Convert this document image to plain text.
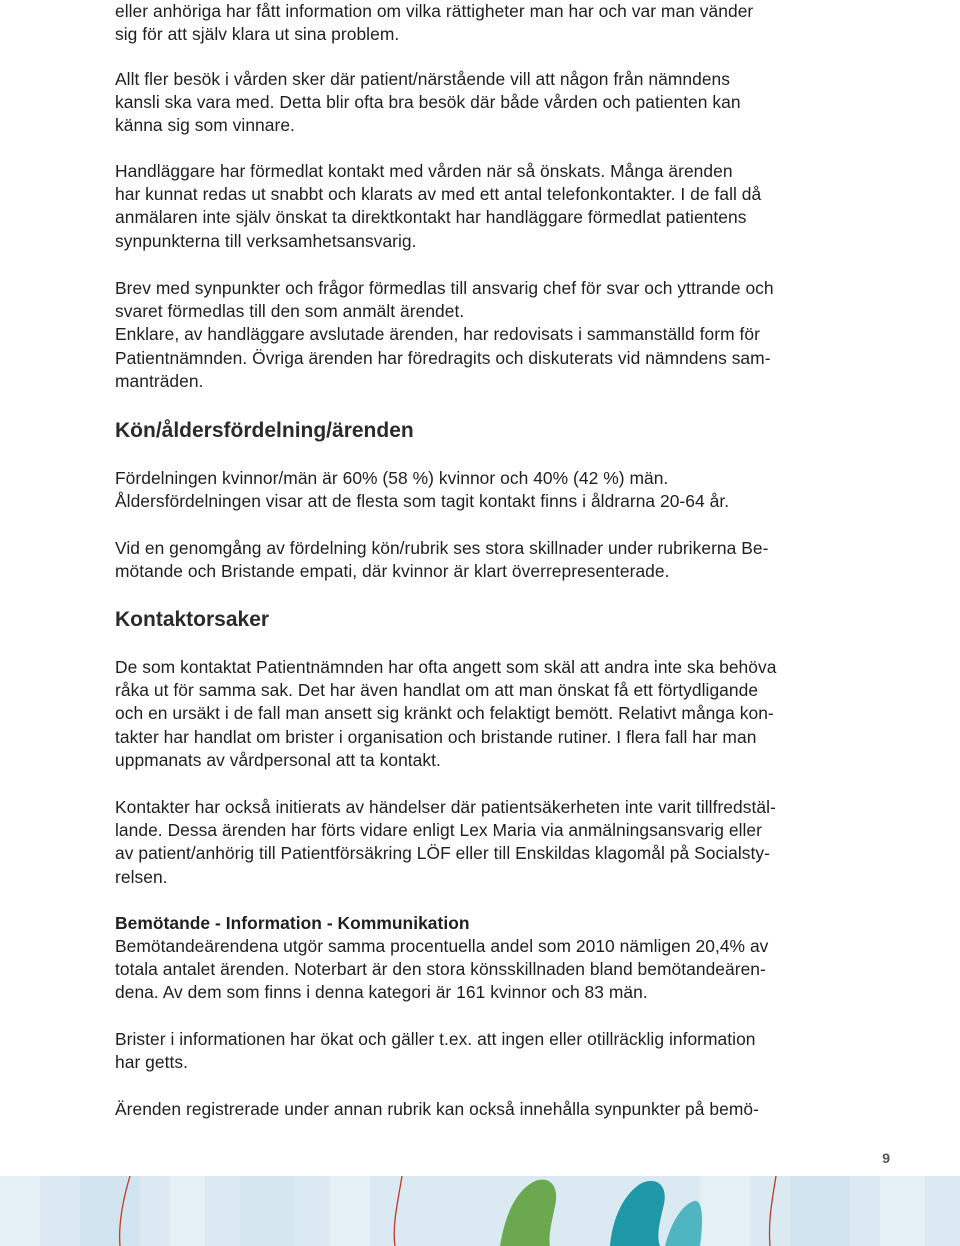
eller anhöriga har fått information om vilka rättigheter man har och var man vänder
sig för att själv klara ut sina problem.

Allt fler besök i vården sker där patient/närstående vill att någon från nämndens
kansli ska vara med. Detta blir ofta bra besök där både vården och patienten kan
känna sig som vinnare.

Handläggare har förmedlat kontakt med vården när så önskats. Många ärenden
har kunnat redas ut snabbt och klarats av med ett antal telefonkontakter. I de fall då
anmälaren inte själv önskat ta direktkontakt har handläggare förmedlat patientens
synpunkterna till verksamhetsansvarig.

Brev med synpunkter och frågor förmedlas till ansvarig chef för svar och yttrande och
svaret förmedlas till den som anmält ärendet.
Enklare, av handläggare avslutade ärenden, har redovisats i sammanställd form för
Patientnämnden. Övriga ärenden har föredragits och diskuterats vid nämndens sam-
manträden.

Kön/åldersfördelning/ärenden

Fördelningen kvinnor/män är 60% (58 %) kvinnor och 40% (42 %) män.
Åldersfördelningen visar att de flesta som tagit kontakt finns i åldrarna 20-64 år.

Vid en genomgång av fördelning kön/rubrik ses stora skillnader under rubrikerna Be-
mötande och Bristande empati, där kvinnor är klart överrepresenterade.

Kontaktorsaker

De som kontaktat Patientnämnden har ofta angett som skäl att andra inte ska behöva
råka ut för samma sak. Det har även handlat om att man önskat få ett förtydligande
och en ursäkt i de fall man ansett sig kränkt och felaktigt bemött. Relativt många kon-
takter har handlat om brister i organisation och bristande rutiner. I flera fall har man
uppmanats av vårdpersonal att ta kontakt.

Kontakter har också initierats av händelser där patientsäkerheten inte varit tillfredstäl-
lande. Dessa ärenden har förts vidare enligt Lex Maria via anmälningsansvarig eller
av patient/anhörig till Patientförsäkring LÖF eller till Enskildas klagomål på Socialsty-
relsen.

Bemötande - Information - Kommunikation

Bemötandeärendena utgör samma procentuella andel som 2010 nämligen 20,4% av
totala antalet ärenden. Noterbart är den stora könsskillnaden bland bemötandeären-
dena. Av dem som finns i denna kategori är 161 kvinnor och 83 män.

Brister i informationen har ökat och gäller t.ex. att ingen eller otillräcklig information
har getts.

Ärenden registrerade under annan rubrik kan också innehålla synpunkter på bemö-

9
